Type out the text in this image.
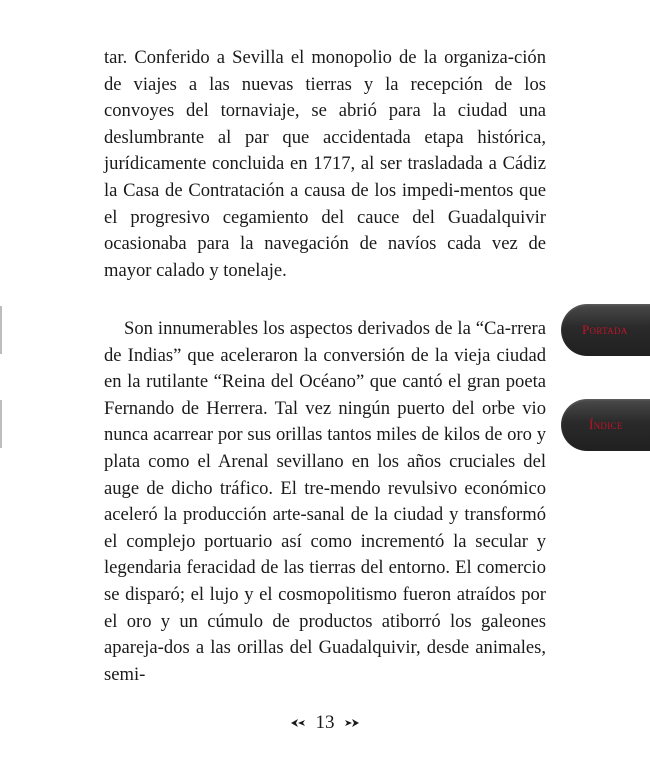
tar. Conferido a Sevilla el monopolio de la organiza-ción de viajes a las nuevas tierras y la recepción de los convoyes del tornaviaje, se abrió para la ciudad una deslumbrante al par que accidentada etapa histórica, jurídicamente concluida en 1717, al ser trasladada a Cádiz la Casa de Contratación a causa de los impedi-mentos que el progresivo cegamiento del cauce del Guadalquivir ocasionaba para la navegación de navíos cada vez de mayor calado y tonelaje.
Son innumerables los aspectos derivados de la “Ca-rrera de Indias” que aceleraron la conversión de la vieja ciudad en la rutilante “Reina del Océano” que cantó el gran poeta Fernando de Herrera. Tal vez ningún puerto del orbe vio nunca acarrear por sus orillas tantos miles de kilos de oro y plata como el Arenal sevillano en los años cruciales del auge de dicho tráfico. El tre-mendo revulsivo económico aceleró la producción arte-sanal de la ciudad y transformó el complejo portuario así como incrementó la secular y legendaria feracidad de las tierras del entorno. El comercio se disparó; el lujo y el cosmopolitismo fueron atraídos por el oro y un cúmulo de productos atiborró los galeones apareja-dos a las orillas del Guadalquivir, desde animales, semi-
Portada
Índice
13
